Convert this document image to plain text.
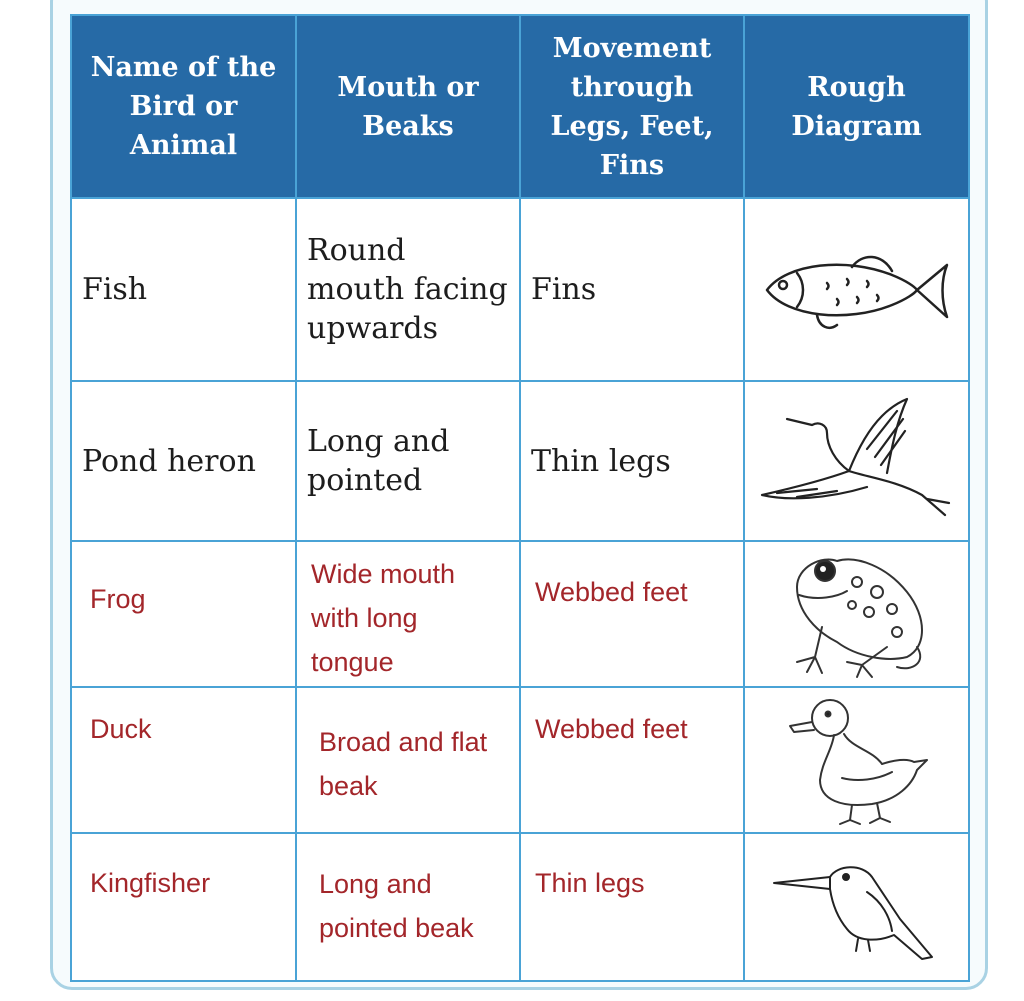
Name of the Bird or Animal	Mouth or Beaks	Movement through Legs, Feet, Fins	Rough Diagram

Fish	Round mouth facing upwards	Fins

Pond heron	Long and pointed	Thin legs

Frog	Wide mouth with long tongue	Webbed feet

Duck	Broad and flat beak	Webbed feet

Kingfisher	Long and pointed beak	Thin legs
